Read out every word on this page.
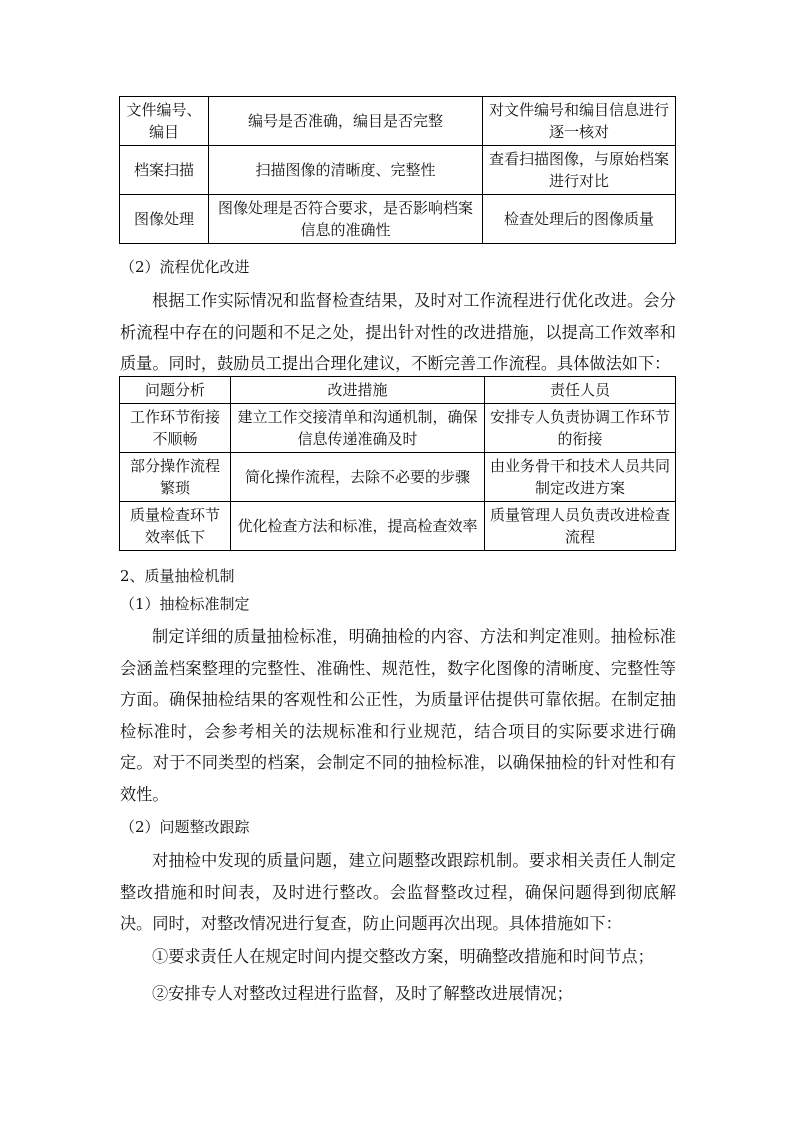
文件编号、编目	编号是否准确，编目是否完整	对文件编号和编目信息进行逐一核对
档案扫描	扫描图像的清晰度、完整性	查看扫描图像，与原始档案进行对比
图像处理	图像处理是否符合要求，是否影响档案信息的准确性	检查处理后的图像质量
（2）流程优化改进
根据工作实际情况和监督检查结果，及时对工作流程进行优化改进。会分析流程中存在的问题和不足之处，提出针对性的改进措施，以提高工作效率和质量。同时，鼓励员工提出合理化建议，不断完善工作流程。具体做法如下：
问题分析	改进措施	责任人员
工作环节衔接不顺畅	建立工作交接清单和沟通机制，确保信息传递准确及时	安排专人负责协调工作环节的衔接
部分操作流程繁琐	简化操作流程，去除不必要的步骤	由业务骨干和技术人员共同制定改进方案
质量检查环节效率低下	优化检查方法和标准，提高检查效率	质量管理人员负责改进检查流程
2、质量抽检机制
（1）抽检标准制定
制定详细的质量抽检标准，明确抽检的内容、方法和判定准则。抽检标准会涵盖档案整理的完整性、准确性、规范性，数字化图像的清晰度、完整性等方面。确保抽检结果的客观性和公正性，为质量评估提供可靠依据。在制定抽检标准时，会参考相关的法规标准和行业规范，结合项目的实际要求进行确定。对于不同类型的档案，会制定不同的抽检标准，以确保抽检的针对性和有效性。
（2）问题整改跟踪
对抽检中发现的质量问题，建立问题整改跟踪机制。要求相关责任人制定整改措施和时间表，及时进行整改。会监督整改过程，确保问题得到彻底解决。同时，对整改情况进行复查，防止问题再次出现。具体措施如下：
①要求责任人在规定时间内提交整改方案，明确整改措施和时间节点；
②安排专人对整改过程进行监督，及时了解整改进展情况；
